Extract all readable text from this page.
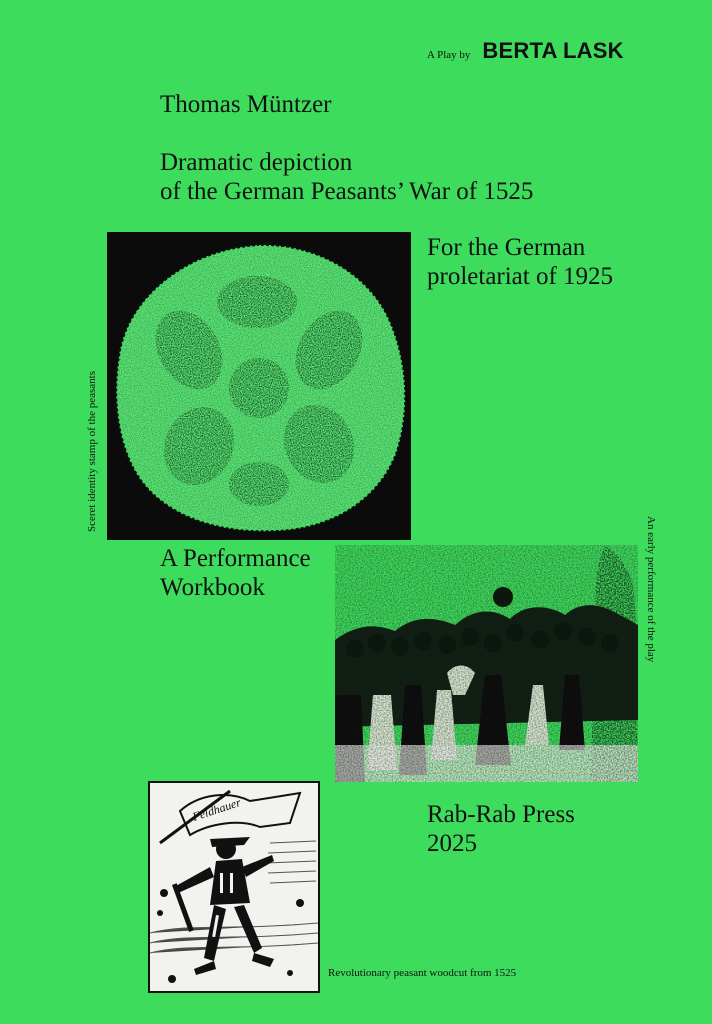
A Play by BERTA LASK
Thomas Müntzer
Dramatic depiction
of the German Peasants’ War of 1525
For the German
proletariat of 1925
Sceret identity stamp of the peasants
A Performance
Workbook	An early performance of the play
Rab-Rab Press
2025
Feldhauer
Revolutionary peasant woodcut from 1525
